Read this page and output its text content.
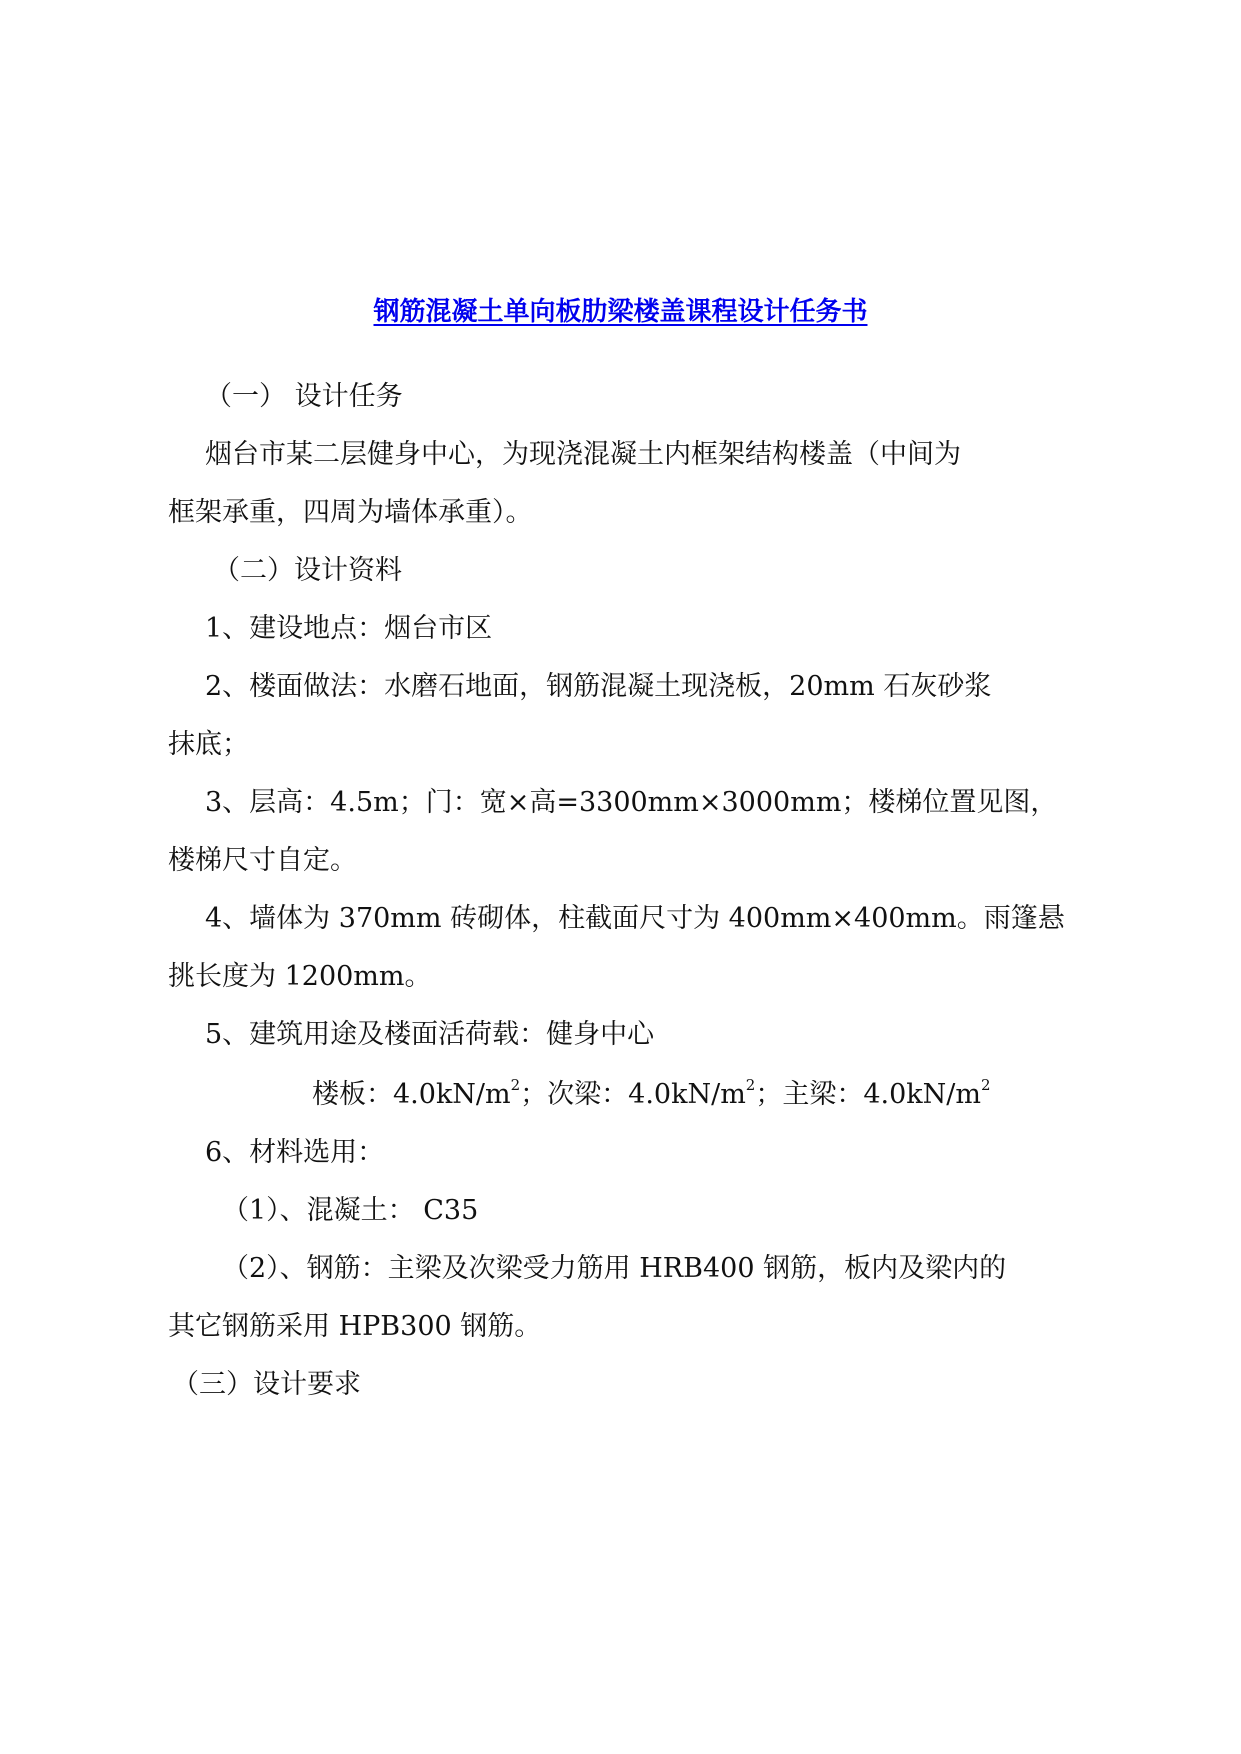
钢筋混凝土单向板肋梁楼盖课程设计任务书
（一） 设计任务
烟台市某二层健身中心，为现浇混凝土内框架结构楼盖（中间为
框架承重，四周为墙体承重）。
（二）设计资料
1、建设地点：烟台市区
2、楼面做法：水磨石地面，钢筋混凝土现浇板，20mm 石灰砂浆
抹底；
3、层高：4.5m；门：宽×高=3300mm×3000mm；楼梯位置见图，
楼梯尺寸自定。
4、墙体为 370mm 砖砌体，柱截面尺寸为 400mm×400mm。雨篷悬
挑长度为 1200mm。
5、建筑用途及楼面活荷载：健身中心
楼板：$4.0kN/m^2$；次梁：$4.0kN/m^2$；主梁：$4.0kN/m^2$
6、材料选用：
（1）、混凝土： C35
（2）、钢筋：主梁及次梁受力筋用 HRB400 钢筋，板内及梁内的
其它钢筋采用 HPB300 钢筋。
（三）设计要求
